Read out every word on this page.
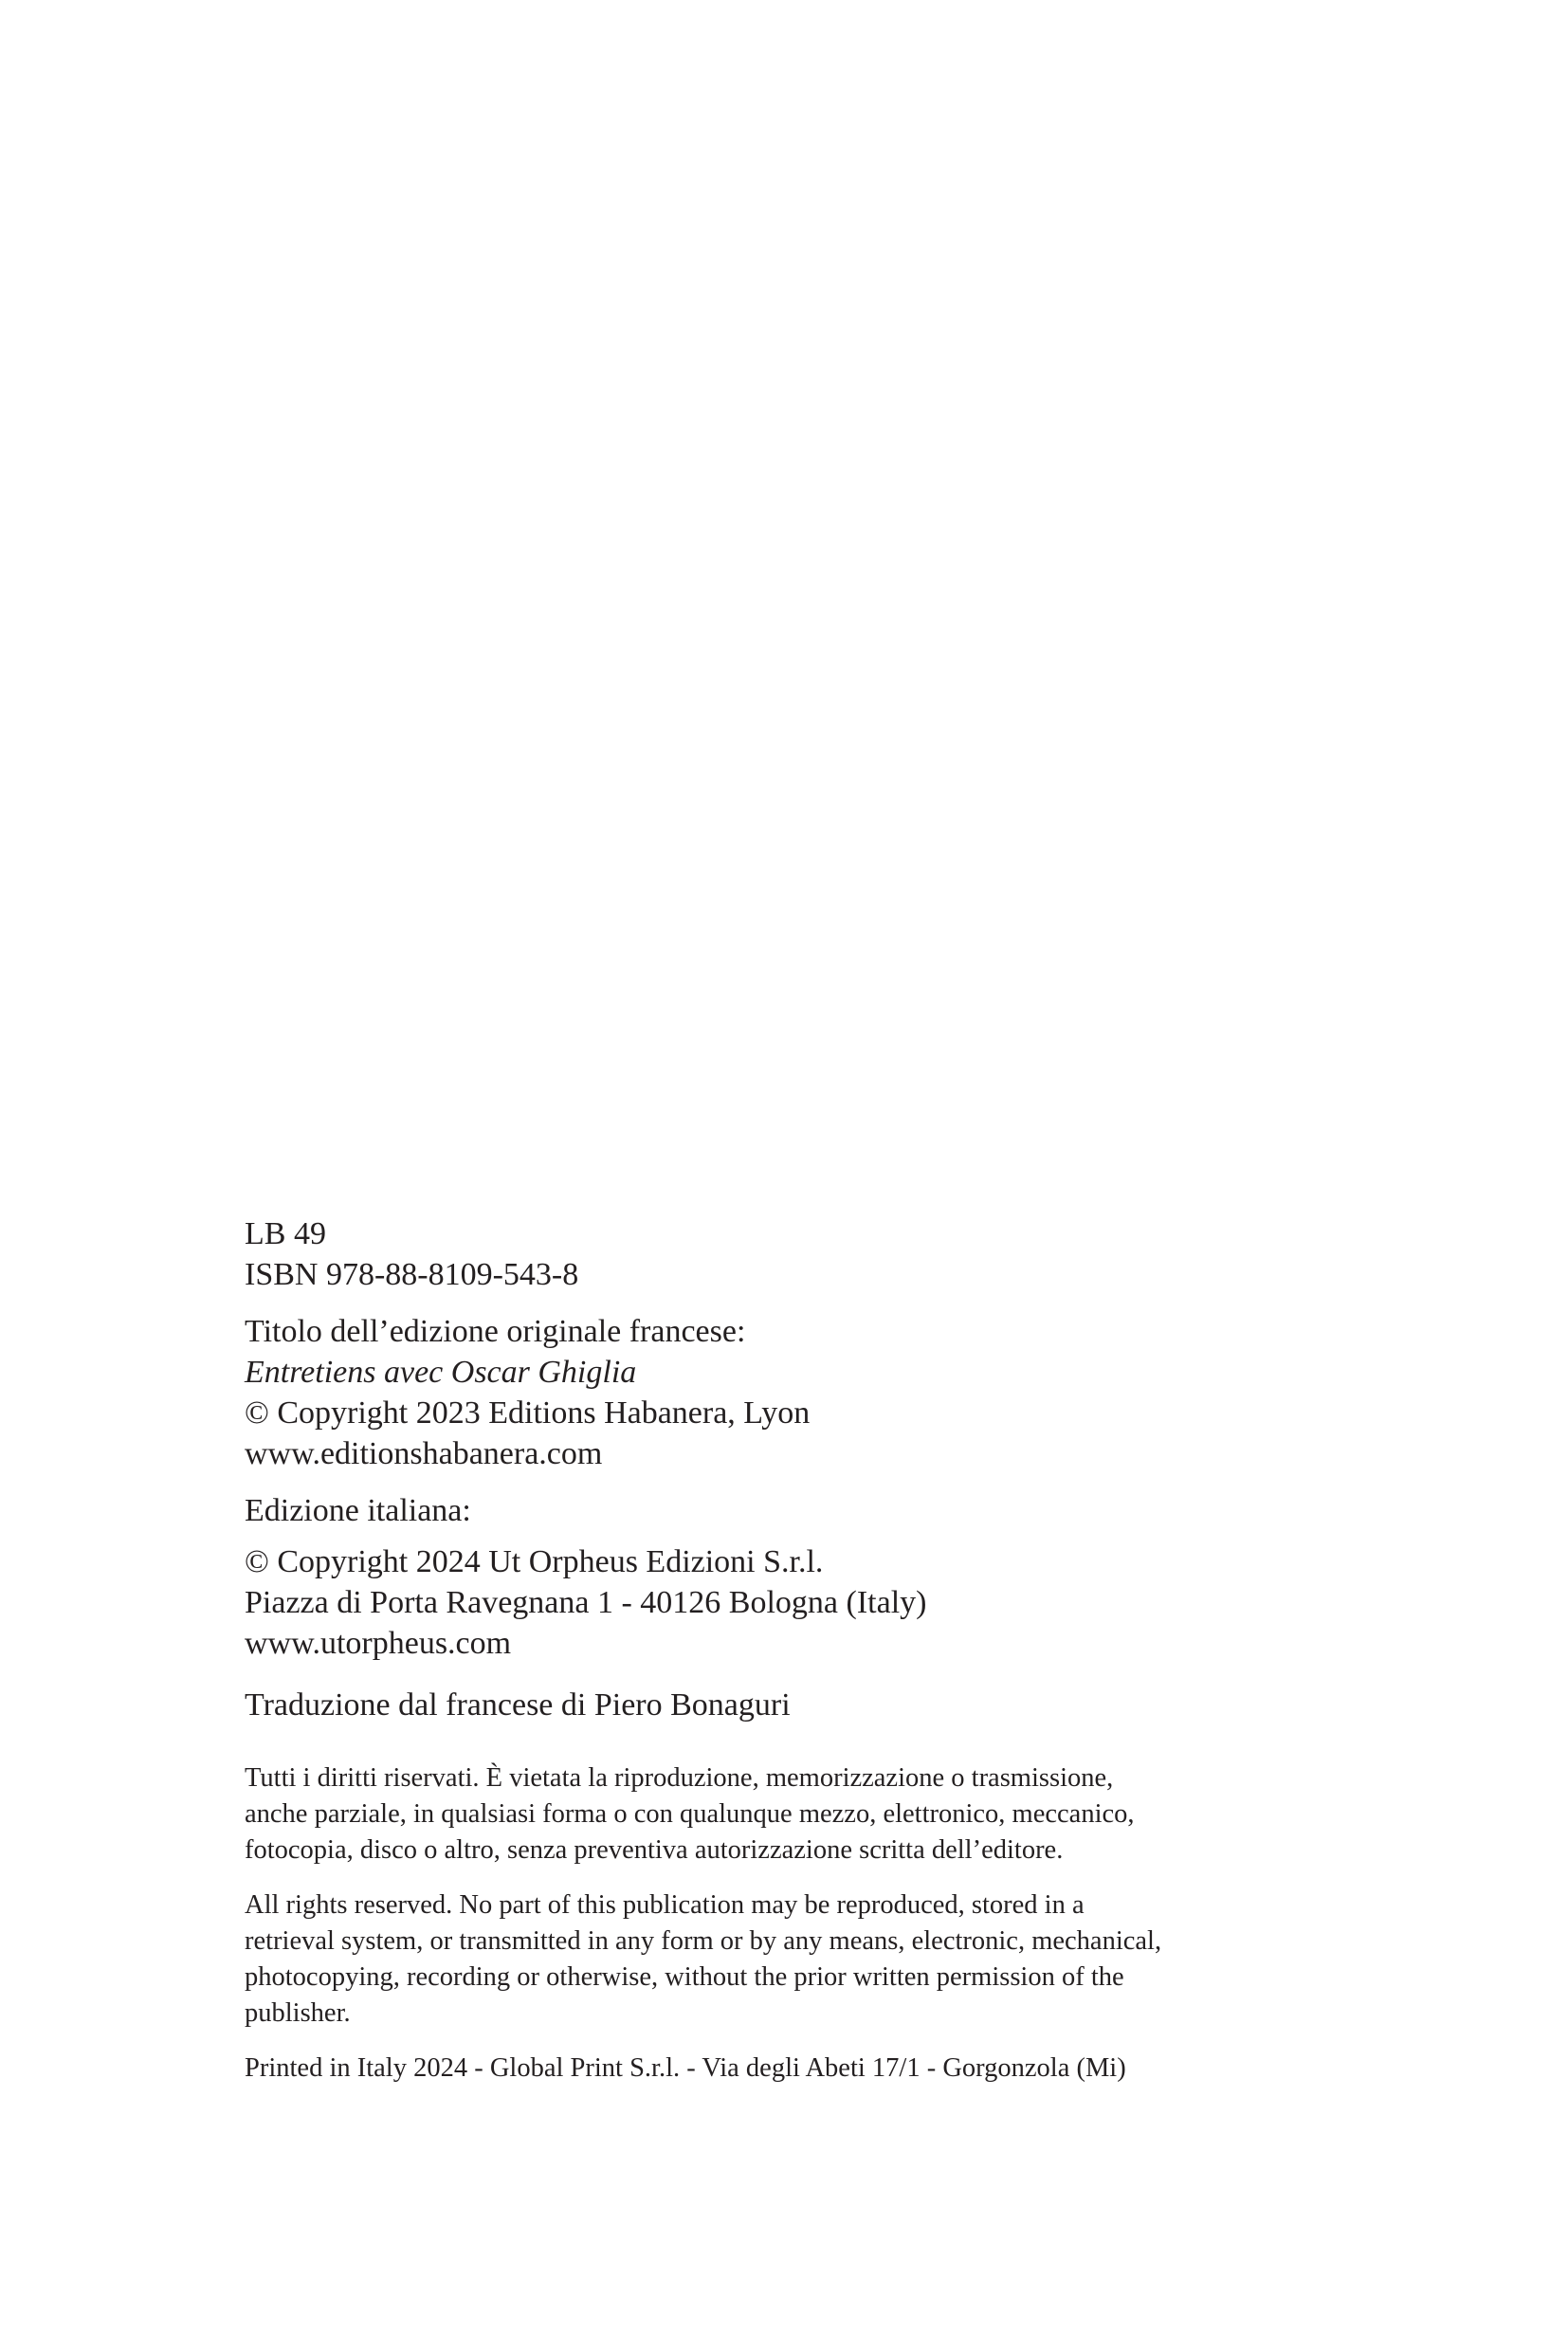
LB 49

ISBN 978-88-8109-543-8

Titolo dell’edizione originale francese:

Entretiens avec Oscar Ghiglia

© Copyright 2023 Editions Habanera, Lyon

www.editionshabanera.com

Edizione italiana:

© Copyright 2024 Ut Orpheus Edizioni S.r.l.

Piazza di Porta Ravegnana 1 - 40126 Bologna (Italy)

www.utorpheus.com

Traduzione dal francese di Piero Bonaguri

Tutti i diritti riservati. È vietata la riproduzione, memorizzazione o trasmissione,

anche parziale, in qualsiasi forma o con qualunque mezzo, elettronico, meccanico,

fotocopia, disco o altro, senza preventiva autorizzazione scritta dell’editore.

All rights reserved. No part of this publication may be reproduced, stored in a

retrieval system, or transmitted in any form or by any means, electronic, mechanical,

photocopying, recording or otherwise, without the prior written permission of the

publisher.

Printed in Italy 2024 - Global Print S.r.l. - Via degli Abeti 17/1 - Gorgonzola (Mi)
